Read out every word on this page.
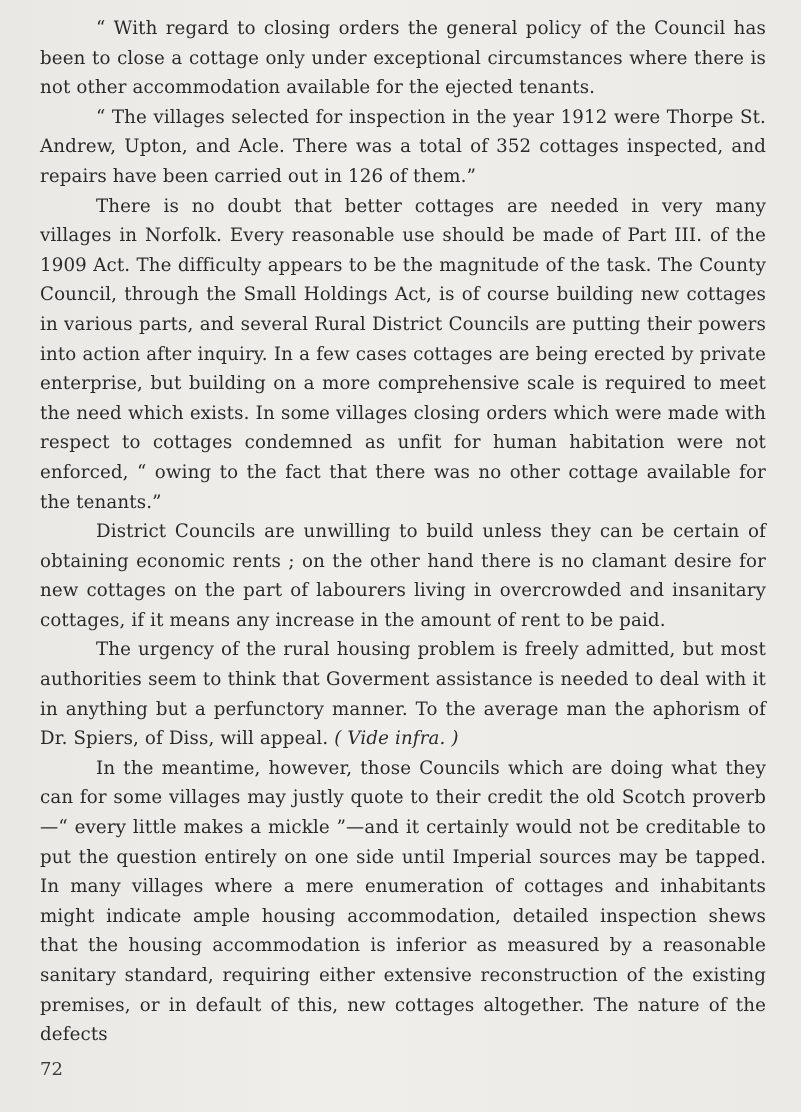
“ With regard to closing orders the general policy of the Council has been to close a cottage only under exceptional circumstances where there is not other accommodation available for the ejected tenants.

“ The villages selected for inspection in the year 1912 were Thorpe St. Andrew, Upton, and Acle. There was a total of 352 cottages inspected, and repairs have been carried out in 126 of them.”

There is no doubt that better cottages are needed in very many villages in Norfolk. Every reasonable use should be made of Part III. of the 1909 Act. The difficulty appears to be the magnitude of the task. The County Council, through the Small Holdings Act, is of course building new cottages in various parts, and several Rural District Councils are putting their powers into action after inquiry. In a few cases cottages are being erected by private enterprise, but building on a more comprehensive scale is required to meet the need which exists. In some villages closing orders which were made with respect to cottages condemned as unfit for human habitation were not enforced, “ owing to the fact that there was no other cottage available for the tenants.”

District Councils are unwilling to build unless they can be certain of obtaining economic rents ; on the other hand there is no clamant desire for new cottages on the part of labourers living in overcrowded and insanitary cottages, if it means any increase in the amount of rent to be paid.

The urgency of the rural housing problem is freely admitted, but most authorities seem to think that Goverment assistance is needed to deal with it in anything but a perfunctory manner. To the average man the aphorism of Dr. Spiers, of Diss, will appeal. ( Vide infra. )

In the meantime, however, those Councils which are doing what they can for some villages may justly quote to their credit the old Scotch proverb —“ every little makes a mickle ”—and it certainly would not be creditable to put the question entirely on one side until Imperial sources may be tapped. In many villages where a mere enumeration of cottages and inhabitants might indicate ample housing accommodation, detailed inspection shews that the housing accommodation is inferior as measured by a reasonable sanitary standard, requiring either extensive reconstruction of the existing premises, or in default of this, new cottages altogether. The nature of the defects

72
